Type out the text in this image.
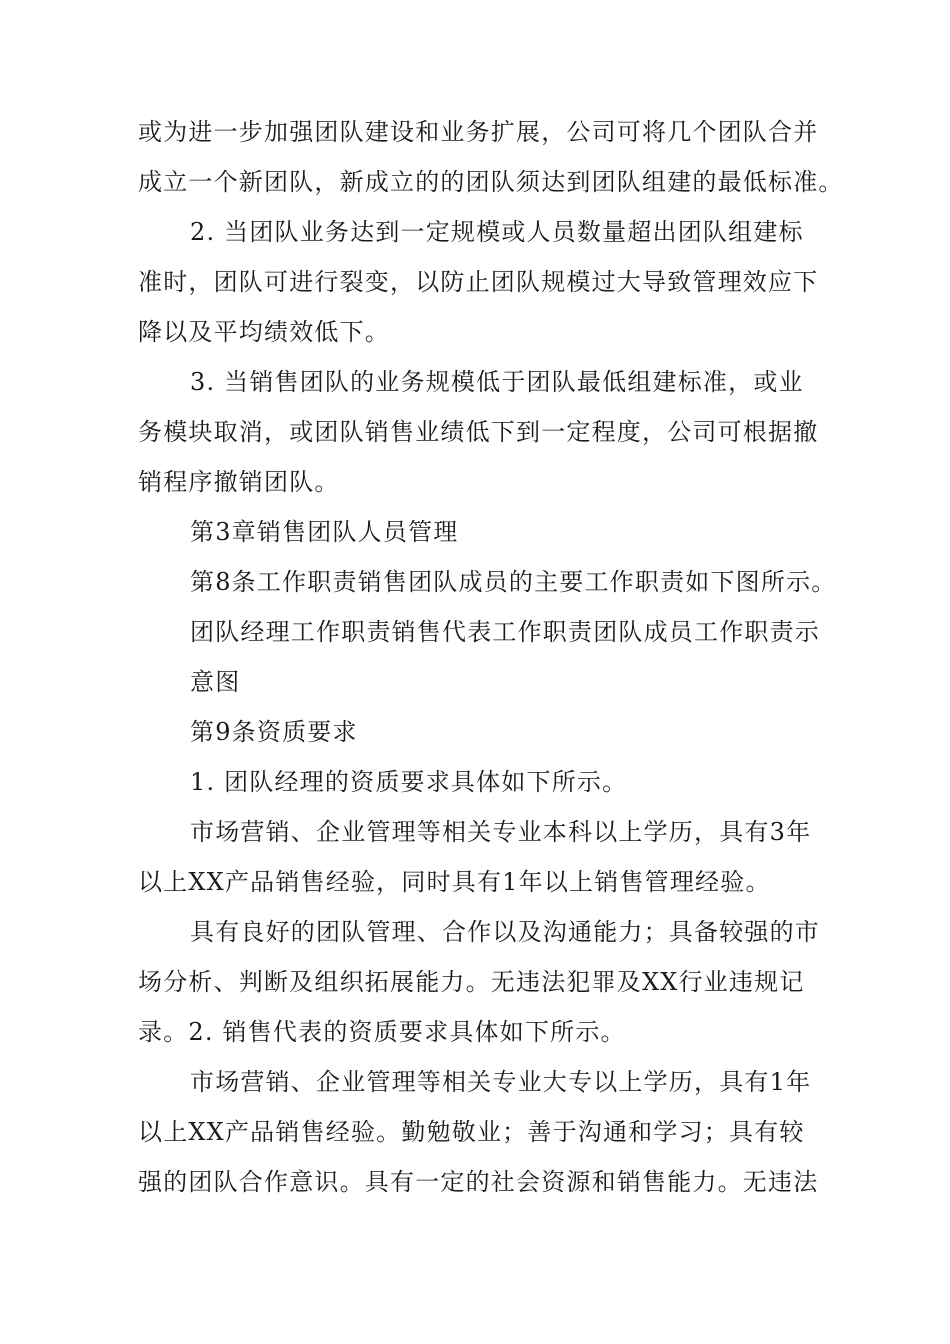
或为进一步加强团队建设和业务扩展，公司可将几个团队合并
成立一个新团队，新成立的的团队须达到团队组建的最低标准。
2. 当团队业务达到一定规模或人员数量超出团队组建标
准时，团队可进行裂变，以防止团队规模过大导致管理效应下
降以及平均绩效低下。
3. 当销售团队的业务规模低于团队最低组建标准，或业
务模块取消，或团队销售业绩低下到一定程度，公司可根据撤
销程序撤销团队。
第3章销售团队人员管理
第8条工作职责销售团队成员的主要工作职责如下图所示。
团队经理工作职责销售代表工作职责团队成员工作职责示
意图
第9条资质要求
1. 团队经理的资质要求具体如下所示。
市场营销、企业管理等相关专业本科以上学历，具有3年
以上XX产品销售经验，同时具有1年以上销售管理经验。
具有良好的团队管理、合作以及沟通能力；具备较强的市
场分析、判断及组织拓展能力。无违法犯罪及XX行业违规记
录。2. 销售代表的资质要求具体如下所示。
市场营销、企业管理等相关专业大专以上学历，具有1年
以上XX产品销售经验。勤勉敬业；善于沟通和学习；具有较
强的团队合作意识。具有一定的社会资源和销售能力。无违法
